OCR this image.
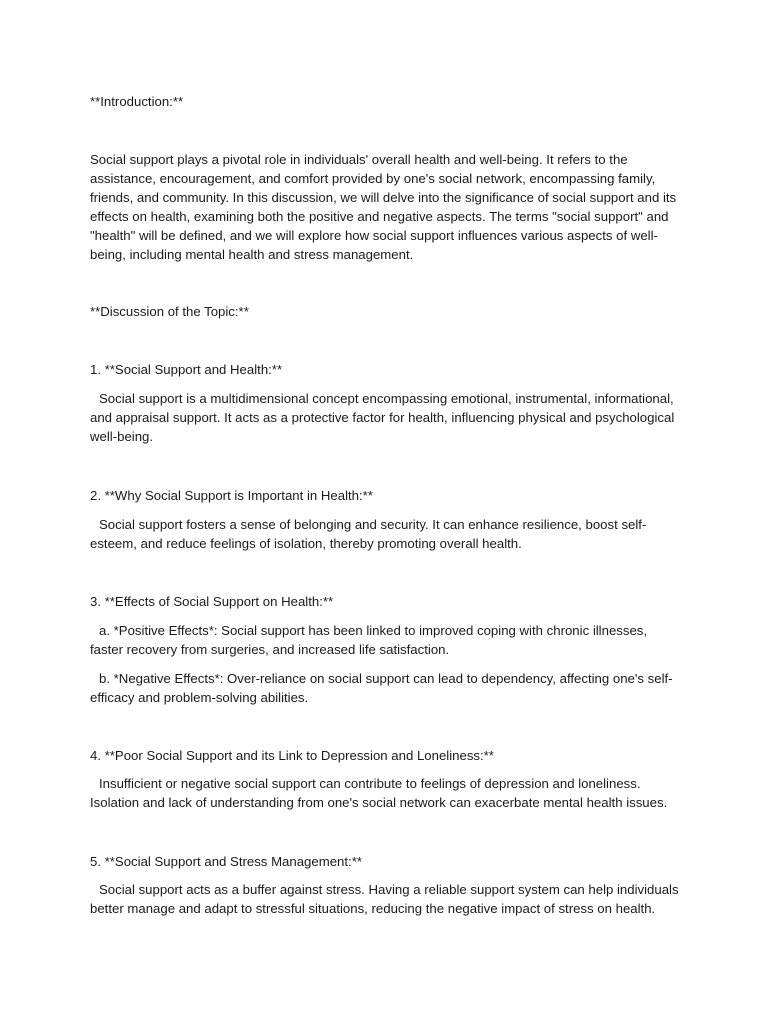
**Introduction:**

Social support plays a pivotal role in individuals' overall health and well-being. It refers to the assistance, encouragement, and comfort provided by one's social network, encompassing family, friends, and community. In this discussion, we will delve into the significance of social support and its effects on health, examining both the positive and negative aspects. The terms "social support" and "health" will be defined, and we will explore how social support influences various aspects of well-being, including mental health and stress management.

**Discussion of the Topic:**

1. **Social Support and Health:**

Social support is a multidimensional concept encompassing emotional, instrumental, informational, and appraisal support. It acts as a protective factor for health, influencing physical and psychological well-being.

2. **Why Social Support is Important in Health:**

Social support fosters a sense of belonging and security. It can enhance resilience, boost self-esteem, and reduce feelings of isolation, thereby promoting overall health.

3. **Effects of Social Support on Health:**

a. *Positive Effects*: Social support has been linked to improved coping with chronic illnesses, faster recovery from surgeries, and increased life satisfaction.

b. *Negative Effects*: Over-reliance on social support can lead to dependency, affecting one's self-efficacy and problem-solving abilities.

4. **Poor Social Support and its Link to Depression and Loneliness:**

Insufficient or negative social support can contribute to feelings of depression and loneliness. Isolation and lack of understanding from one's social network can exacerbate mental health issues.

5. **Social Support and Stress Management:**

Social support acts as a buffer against stress. Having a reliable support system can help individuals better manage and adapt to stressful situations, reducing the negative impact of stress on health.
